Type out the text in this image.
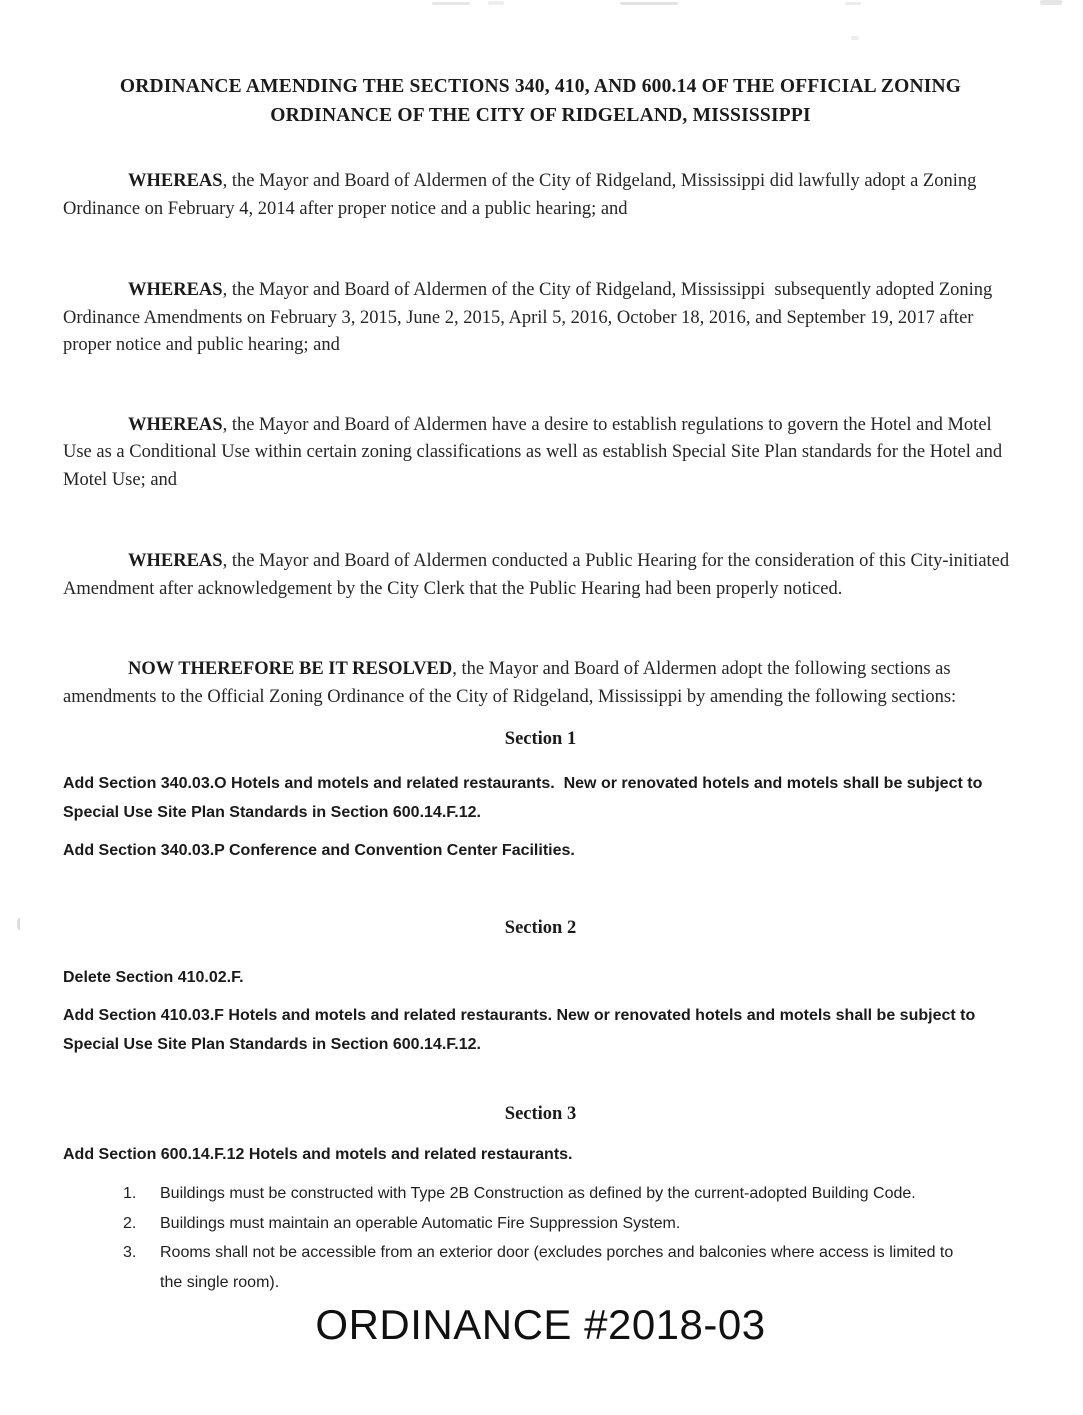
ORDINANCE AMENDING THE SECTIONS 340, 410, AND 600.14 OF THE OFFICIAL ZONING ORDINANCE OF THE CITY OF RIDGELAND, MISSISSIPPI

WHEREAS, the Mayor and Board of Aldermen of the City of Ridgeland, Mississippi did lawfully adopt a Zoning Ordinance on February 4, 2014 after proper notice and a public hearing; and

WHEREAS, the Mayor and Board of Aldermen of the City of Ridgeland, Mississippi  subsequently adopted Zoning Ordinance Amendments on February 3, 2015, June 2, 2015, April 5, 2016, October 18, 2016, and September 19, 2017 after proper notice and public hearing; and

WHEREAS, the Mayor and Board of Aldermen have a desire to establish regulations to govern the Hotel and Motel Use as a Conditional Use within certain zoning classifications as well as establish Special Site Plan standards for the Hotel and Motel Use; and

WHEREAS, the Mayor and Board of Aldermen conducted a Public Hearing for the consideration of this City-initiated Amendment after acknowledgement by the City Clerk that the Public Hearing had been properly noticed.

NOW THEREFORE BE IT RESOLVED, the Mayor and Board of Aldermen adopt the following sections as amendments to the Official Zoning Ordinance of the City of Ridgeland, Mississippi by amending the following sections:

Section 1

Add Section 340.03.O Hotels and motels and related restaurants.  New or renovated hotels and motels shall be subject to Special Use Site Plan Standards in Section 600.14.F.12.

Add Section 340.03.P Conference and Convention Center Facilities.

Section 2

Delete Section 410.02.F.

Add Section 410.03.F Hotels and motels and related restaurants. New or renovated hotels and motels shall be subject to Special Use Site Plan Standards in Section 600.14.F.12.

Section 3

Add Section 600.14.F.12 Hotels and motels and related restaurants.

1.	Buildings must be constructed with Type 2B Construction as defined by the current-adopted Building Code.
2.	Buildings must maintain an operable Automatic Fire Suppression System.
3.	Rooms shall not be accessible from an exterior door (excludes porches and balconies where access is limited to the single room).
ORDINANCE #2018-03
